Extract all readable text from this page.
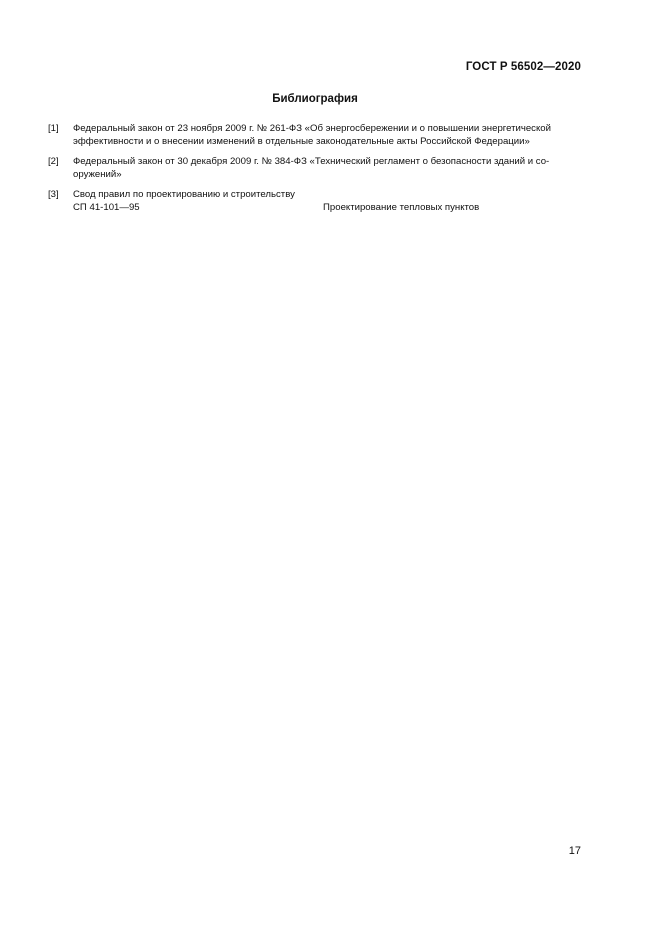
ГОСТ Р 56502—2020
Библиография
[1]	Федеральный закон от 23 ноября 2009 г. № 261-ФЗ «Об энергосбережении и о повышении энергетической
эффективности и о внесении изменений в отдельные законодательные акты Российской Федерации»
[2]	Федеральный закон от 30 декабря 2009 г. № 384-ФЗ «Технический регламент о безопасности зданий и со-
оружений»
[3]	Свод правил по проектированию и строительству
СП 41-101—95	Проектирование тепловых пунктов
17
